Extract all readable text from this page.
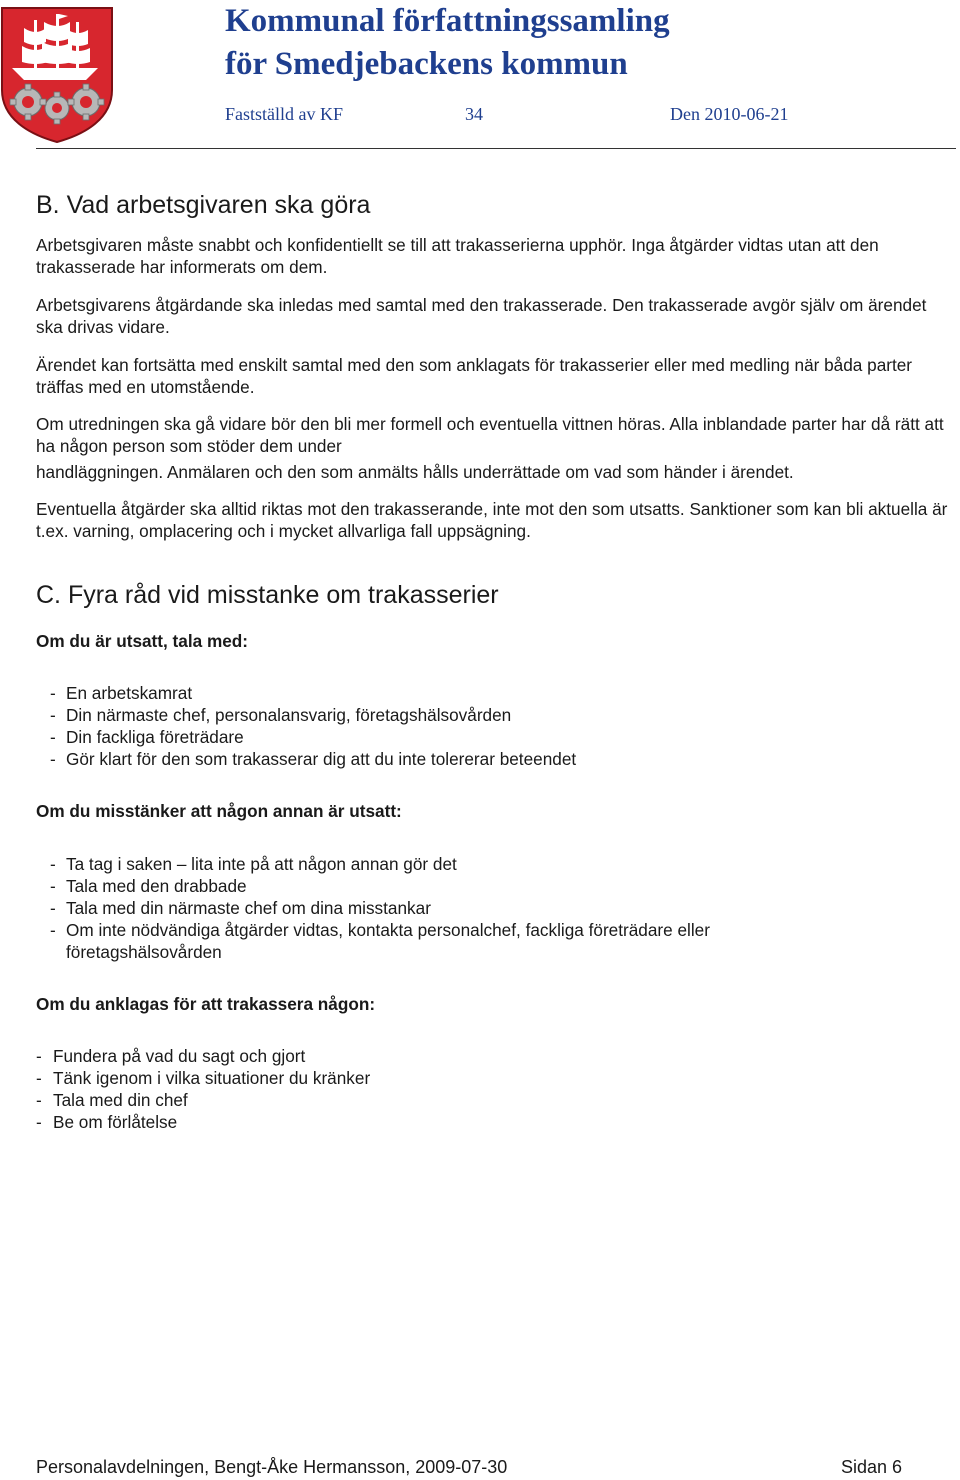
Kommunal författningssamling
för Smedjebackens kommun
Fastställd av KF	34	Den 2010-06-21
B. Vad arbetsgivaren ska göra

Arbetsgivaren måste snabbt och konfidentiellt se till att trakasserierna upphör. Inga åtgärder vidtas utan att den trakasserade har informerats om dem.

Arbetsgivarens åtgärdande ska inledas med samtal med den trakasserade. Den trakasserade avgör själv om ärendet ska drivas vidare.

Ärendet kan fortsätta med enskilt samtal med den som anklagats för trakasserier eller med medling när båda parter träffas med en utomstående.

Om utredningen ska gå vidare bör den bli mer formell och eventuella vittnen höras. Alla inblandade parter har då rätt att ha någon person som stöder dem under

handläggningen. Anmälaren och den som anmälts hålls underrättade om vad som händer i ärendet.

Eventuella åtgärder ska alltid riktas mot den trakasserande, inte mot den som utsatts. Sanktioner som kan bli aktuella är t.ex. varning, omplacering och i mycket allvarliga fall uppsägning.

C. Fyra råd vid misstanke om trakasserier
Om du är utsatt, tala med:
- En arbetskamrat
- Din närmaste chef, personalansvarig, företagshälsovården
- Din fackliga företrädare
- Gör klart för den som trakasserar dig att du inte tolererar beteendet
Om du misstänker att någon annan är utsatt:
- Ta tag i saken – lita inte på att någon annan gör det
- Tala med den drabbade
- Tala med din närmaste chef om dina misstankar
- Om inte nödvändiga åtgärder vidtas, kontakta personalchef, fackliga företrädare eller företagshälsovården
Om du anklagas för att trakassera någon:
- Fundera på vad du sagt och gjort
- Tänk igenom i vilka situationer du kränker
- Tala med din chef
- Be om förlåtelse
Personalavdelningen, Bengt-Åke Hermansson, 2009-07-30	Sidan 6
